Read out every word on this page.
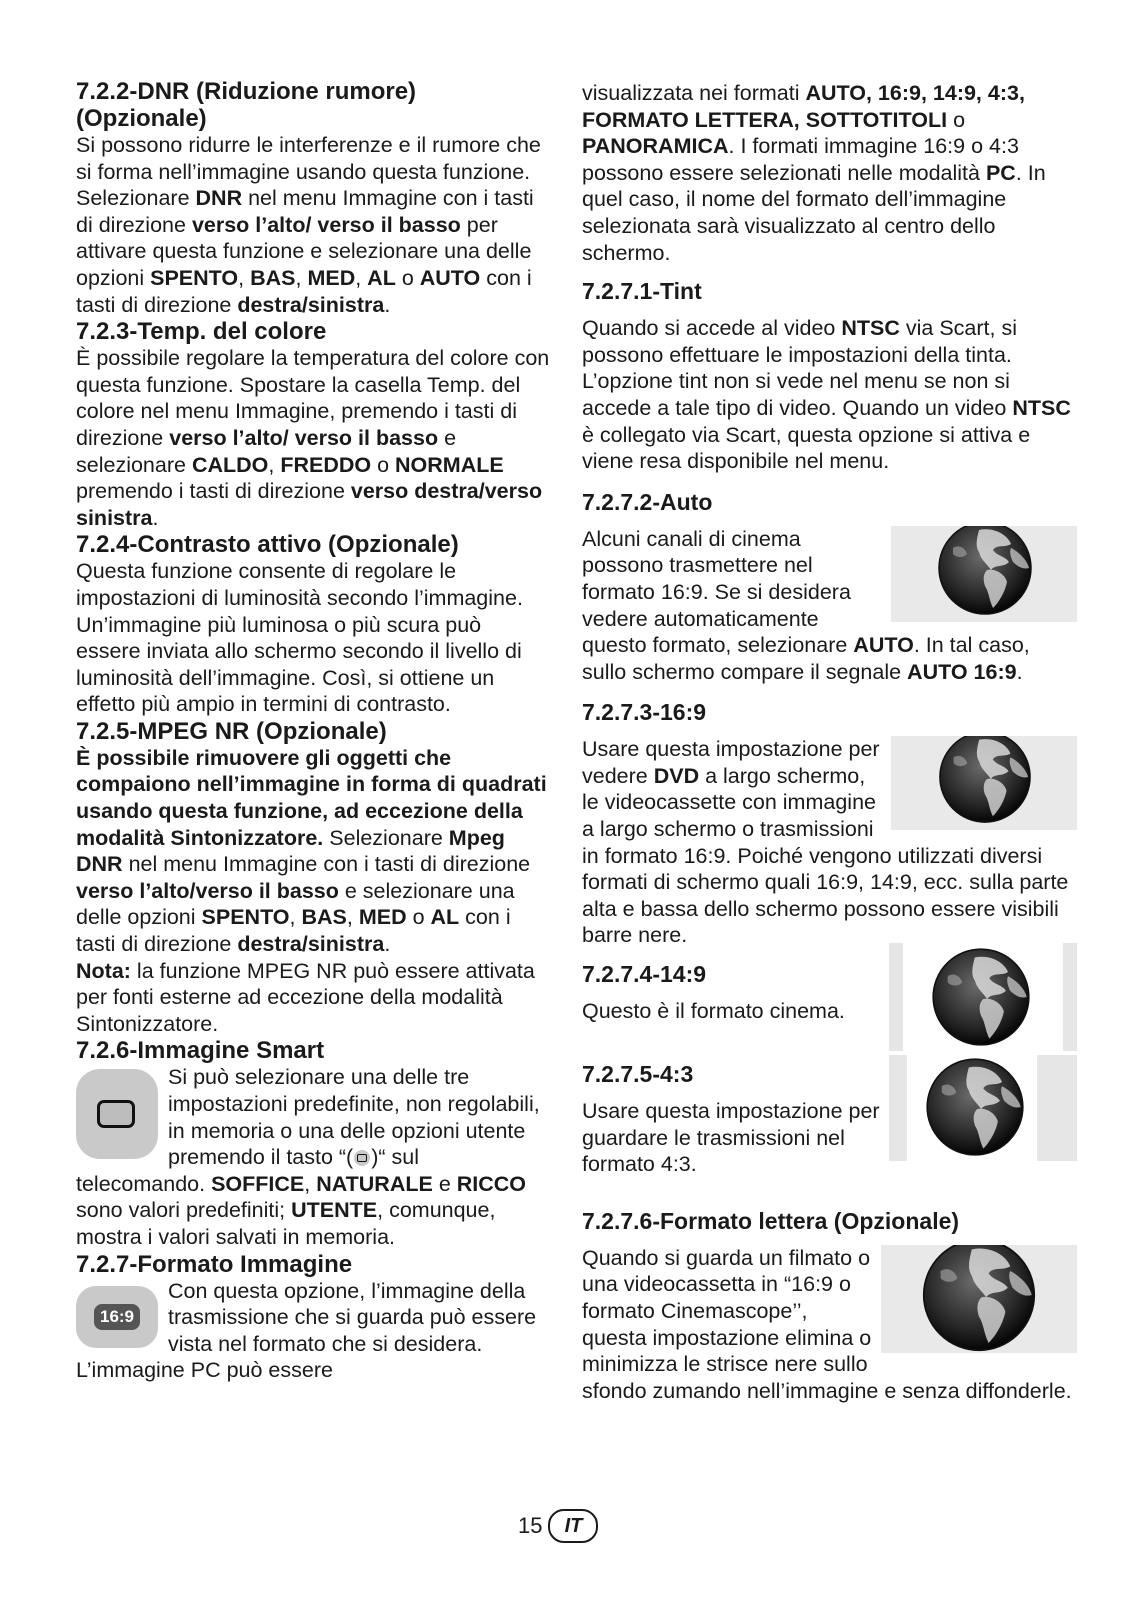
7.2.2-DNR (Riduzione rumore) (Opzionale)

Si possono ridurre le interferenze e il rumore che si forma nell’immagine usando questa funzione. Selezionare DNR nel menu Immagine con i tasti di direzione verso l’alto/ verso il basso per attivare questa funzione e selezionare una delle opzioni SPENTO, BAS, MED, AL o AUTO con i tasti di direzione destra/sinistra.

7.2.3-Temp. del colore

È possibile regolare la temperatura del colore con questa funzione. Spostare la casella Temp. del colore nel menu Immagine, premendo i tasti di direzione verso l’alto/ verso il basso e selezionare CALDO, FREDDO o NORMALE premendo i tasti di direzione verso destra/verso sinistra.

7.2.4-Contrasto attivo (Opzionale)

Questa funzione consente di regolare le impostazioni di luminosità secondo l’immagine. Un’immagine più luminosa o più scura può essere inviata allo schermo secondo il livello di luminosità dell’immagine. Così, si ottiene un effetto più ampio in termini di contrasto.

7.2.5-MPEG NR (Opzionale)

È possibile rimuovere gli oggetti che compaiono nell’immagine in forma di quadrati usando questa funzione, ad eccezione della modalità Sintonizzatore. Selezionare Mpeg DNR nel menu Immagine con i tasti di direzione verso l’alto/verso il basso e selezionare una delle opzioni SPENTO, BAS, MED o AL con i tasti di direzione destra/sinistra.
Nota: la funzione MPEG NR può essere attivata per fonti esterne ad eccezione della modalità Sintonizzatore.

7.2.6-Immagine Smart

Si può selezionare una delle tre impostazioni predefinite, non regolabili, in memoria o una delle opzioni utente premendo il tasto “( )“ sul telecomando. SOFFICE, NATURALE e RICCO sono valori predefiniti; UTENTE, comunque, mostra i valori salvati in memoria.

7.2.7-Formato Immagine
16:9

Con questa opzione, l’immagine della trasmissione che si guarda può essere vista nel formato che si desidera. L’immagine PC può essere

visualizzata nei formati AUTO, 16:9, 14:9, 4:3, FORMATO LETTERA, SOTTOTITOLI o PANORAMICA. I formati immagine 16:9 o 4:3 possono essere selezionati nelle modalità PC. In quel caso, il nome del formato dell’immagine selezionata sarà visualizzato al centro dello schermo.

7.2.7.1-Tint

Quando si accede al video NTSC via Scart, si possono effettuare le impostazioni della tinta. L’opzione tint non si vede nel menu se non si accede a tale tipo di video. Quando un video NTSC è collegato via Scart, questa opzione si attiva e viene resa disponibile nel menu.

7.2.7.2-Auto

Alcuni canali di cinema possono trasmettere nel formato 16:9. Se si desidera vedere automaticamente questo formato, selezionare AUTO. In tal caso, sullo schermo compare il segnale AUTO 16:9.

7.2.7.3-16:9

Usare questa impostazione per vedere DVD a largo schermo, le videocassette con immagine a largo schermo o trasmissioni in formato 16:9. Poiché vengono utilizzati diversi formati di schermo quali 16:9, 14:9, ecc. sulla parte alta e bassa dello schermo possono essere visibili barre nere.

7.2.7.4-14:9

Questo è il formato cinema.

7.2.7.5-4:3

Usare questa impostazione per guardare le trasmissioni nel formato 4:3.

7.2.7.6-Formato lettera (Opzionale)

Quando si guarda un filmato o una videocassetta in “16:9 o formato Cinemascope’’, questa impostazione elimina o minimizza le strisce nere sullo sfondo zumando nell’immagine e senza diffonderle.

15	IT
